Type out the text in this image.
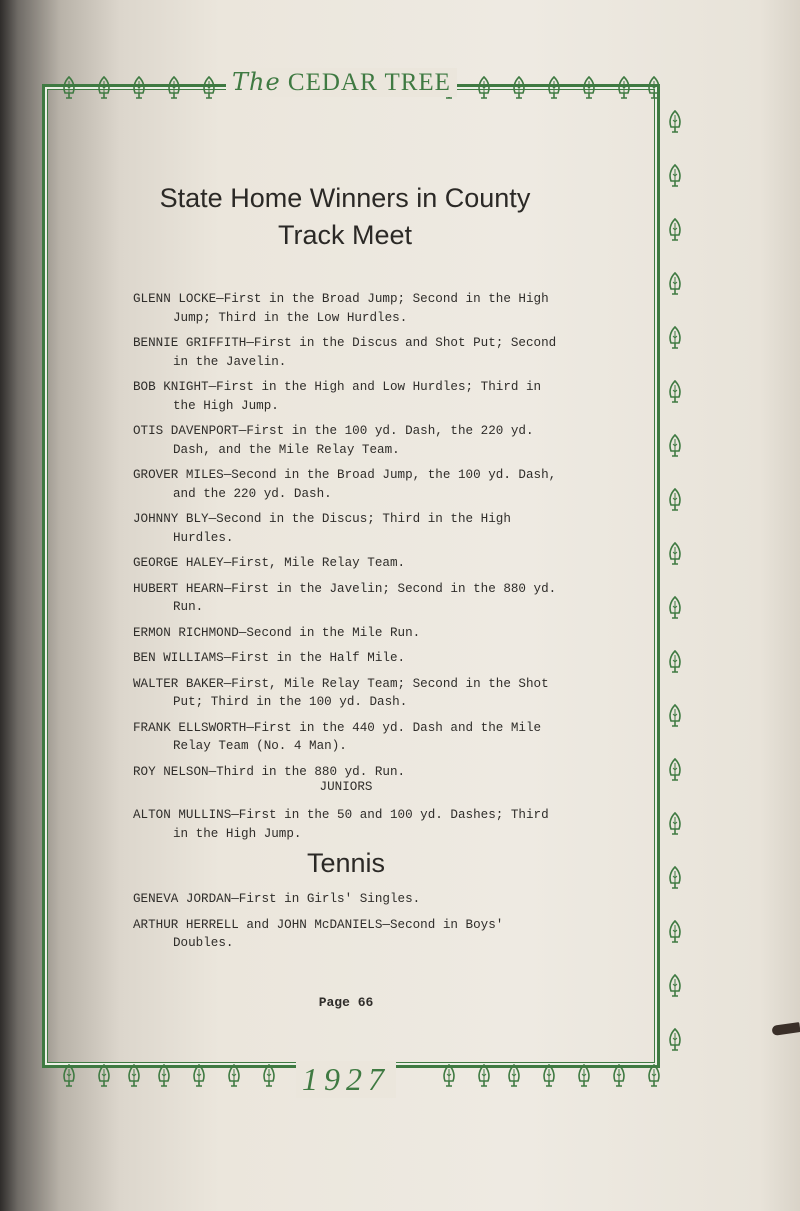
The CEDAR TREE
1927
State Home Winners in County
Track Meet

GLENN LOCKE—First in the Broad Jump; Second in the High Jump; Third in the Low Hurdles.

BENNIE GRIFFITH—First in the Discus and Shot Put; Second in the Javelin.

BOB KNIGHT—First in the High and Low Hurdles; Third in the High Jump.

OTIS DAVENPORT—First in the 100 yd. Dash, the 220 yd. Dash, and the Mile Relay Team.

GROVER MILES—Second in the Broad Jump, the 100 yd. Dash, and the 220 yd. Dash.

JOHNNY BLY—Second in the Discus; Third in the High Hurdles.

GEORGE HALEY—First, Mile Relay Team.

HUBERT HEARN—First in the Javelin; Second in the 880 yd. Run.

ERMON RICHMOND—Second in the Mile Run.

BEN WILLIAMS—First in the Half Mile.

WALTER BAKER—First, Mile Relay Team; Second in the Shot Put; Third in the 100 yd. Dash.

FRANK ELLSWORTH—First in the 440 yd. Dash and the Mile Relay Team (No. 4 Man).

ROY NELSON—Third in the 880 yd. Run.

JUNIORS

ALTON MULLINS—First in the 50 and 100 yd. Dashes; Third in the High Jump.

Tennis

GENEVA JORDAN—First in Girls' Singles.

ARTHUR HERRELL and JOHN McDANIELS—Second in Boys' Doubles.

Page 66
